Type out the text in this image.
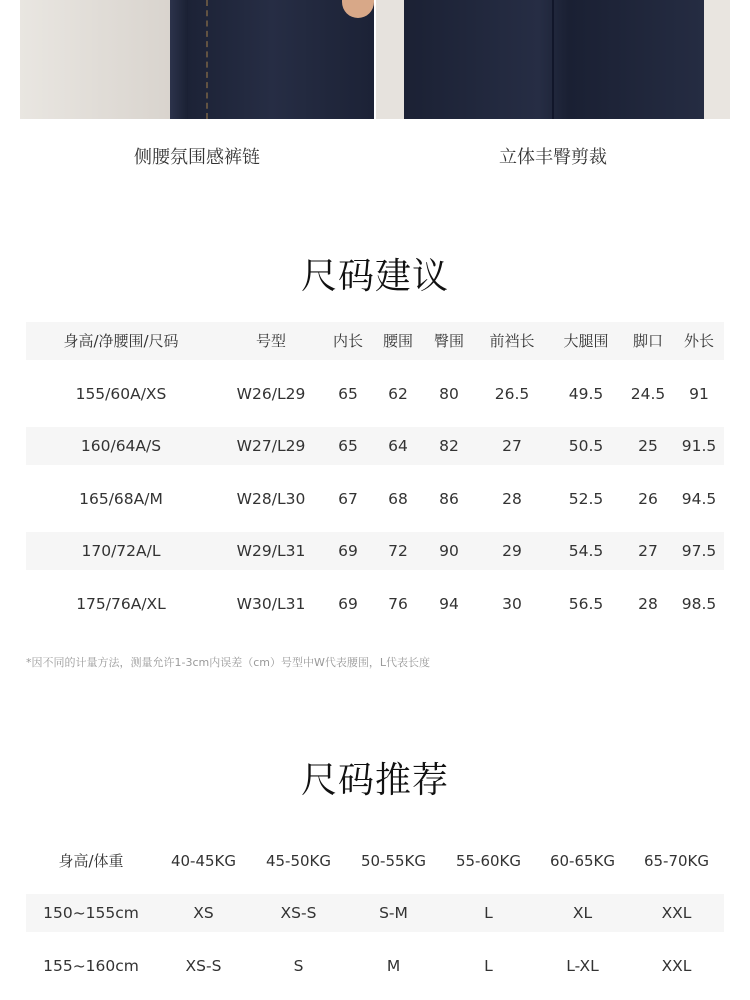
侧腰氛围感裤链	立体丰臀剪裁
尺码建议
身高/净腰围/尺码	号型	内长	腰围	臀围	前裆长	大腿围	脚口	外长
155/60A/XS	W26/L29	65	62	80	26.5	49.5	24.5	91
160/64A/S	W27/L29	65	64	82	27	50.5	25	91.5
165/68A/M	W28/L30	67	68	86	28	52.5	26	94.5
170/72A/L	W29/L31	69	72	90	29	54.5	27	97.5
175/76A/XL	W30/L31	69	76	94	30	56.5	28	98.5
*因不同的计量方法，测量允许1-3cm内误差（cm）号型中W代表腰围，L代表长度
尺码推荐
身高/体重	40-45KG	45-50KG	50-55KG	55-60KG	60-65KG	65-70KG
150~155cm	XS	XS-S	S-M	L	XL	XXL
155~160cm	XS-S	S	M	L	L-XL	XXL
